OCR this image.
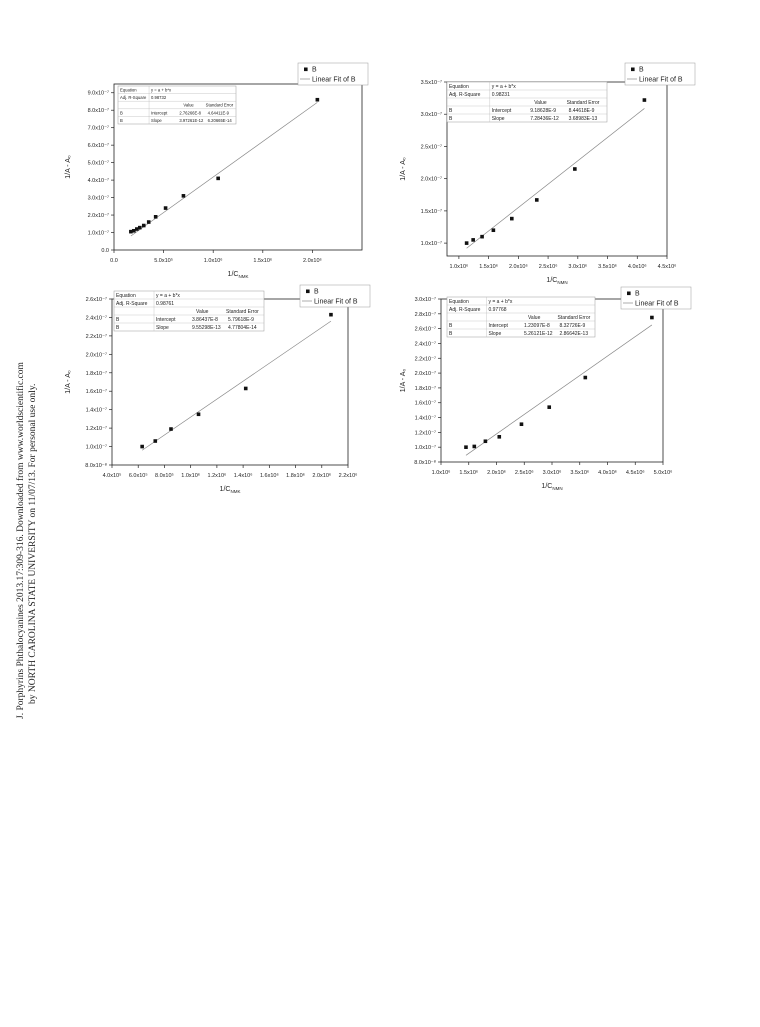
J. Porphyrins Phthalocyanines 2013.17:309-316. Downloaded from www.worldscientific.com by NORTH CAROLINA STATE UNIVERSITY on 11/07/13. For personal use only.
0.0	5.0x10⁵	1.0x10⁶	1.5x10⁶	2.0x10⁶
0.0
1.0x10⁻⁷
2.0x10⁻⁷
3.0x10⁻⁷
4.0x10⁻⁷
5.0x10⁻⁷
6.0x10⁻⁷
7.0x10⁻⁷
8.0x10⁻⁷
9.0x10⁻⁷
$1/C_{NMK}$
1/A - A₀
Equation	y = a + b*x
Adj. R-Square 0.98732
Value	Standard Error
B	Intercept	2.76266E-8 4.64411E-9
B	Slope	3.97261E-12 6.20665E-14
B
Linear Fit of B
1.0x10⁶ 1.5x10⁶ 2.0x10⁶ 2.5x10⁶ 3.0x10⁶ 3.5x10⁶ 4.0x10⁶ 4.5x10⁶
1.0x10⁻⁷
1.5x10⁻⁷
2.0x10⁻⁷
2.5x10⁻⁷
3.0x10⁻⁷
3.5x10⁻⁷
$1/C_{NMN}$
1/A - A₀
Equation	y = a + b*x
Adj. R-Square 0.98231
Value	Standard Error
B	Intercept	9.18628E-9	8.44618E-9
B	Slope	7.28436E-12 3.68983E-13
B
Linear Fit of B
4.0x10⁵ 6.0x10⁵ 8.0x10⁵ 1.0x10⁶ 1.2x10⁶ 1.4x10⁶ 1.6x10⁶ 1.8x10⁶ 2.0x10⁶ 2.2x10⁶
8.0x10⁻⁸
1.0x10⁻⁷
1.2x10⁻⁷
1.4x10⁻⁷
1.6x10⁻⁷
1.8x10⁻⁷
2.0x10⁻⁷
2.2x10⁻⁷
2.4x10⁻⁷
2.6x10⁻⁷
$1/C_{NMK}$
1/A - A₀
Equation	y = a + b*x
Adj. R-Square 0.98761
Value	Standard Error
B	Intercept	3.86437E-8 5.79618E-9
B	Slope	9.55298E-13 4.77804E-14
B
Linear Fit of B
1.0x10⁶ 1.5x10⁶ 2.0x10⁶ 2.5x10⁶ 3.0x10⁶ 3.5x10⁶ 4.0x10⁶ 4.5x10⁶ 5.0x10⁶
8.0x10⁻⁸
1.0x10⁻⁷
1.2x10⁻⁷
1.4x10⁻⁷
1.6x10⁻⁷
1.8x10⁻⁷
2.0x10⁻⁷
2.2x10⁻⁷
2.4x10⁻⁷
2.6x10⁻⁷
2.8x10⁻⁷
3.0x10⁻⁷
$1/C_{NMN}$
1/A - A₀
Equation	y = a + b*x
Adj. R-Square 0.97768
Value	Standard Error
B	Intercept	1.23097E-8 8.32726E-9
B	Slope	5.26121E-12 2.86642E-13
B
Linear Fit of B
